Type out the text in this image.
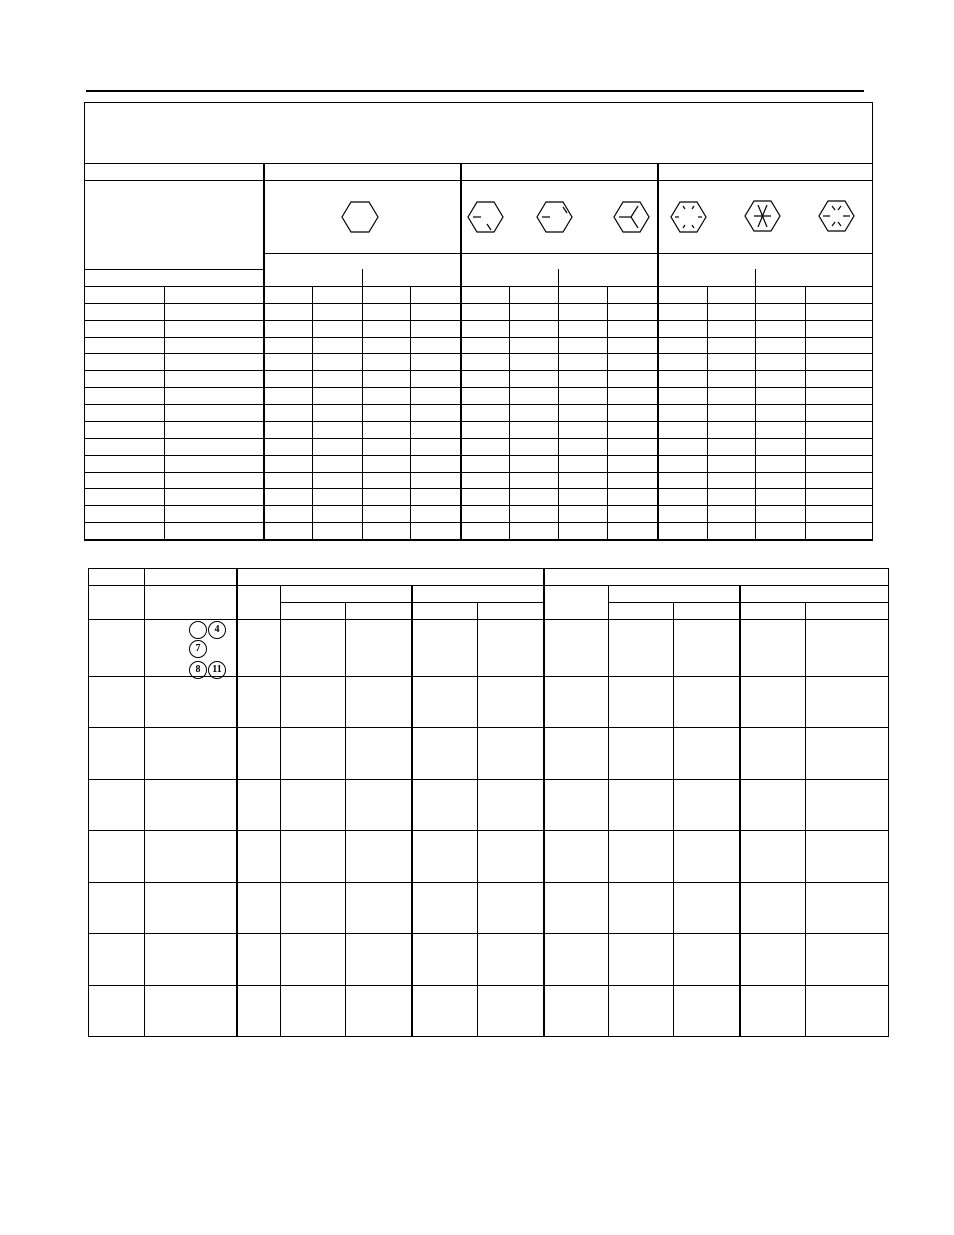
4
7
8	11
